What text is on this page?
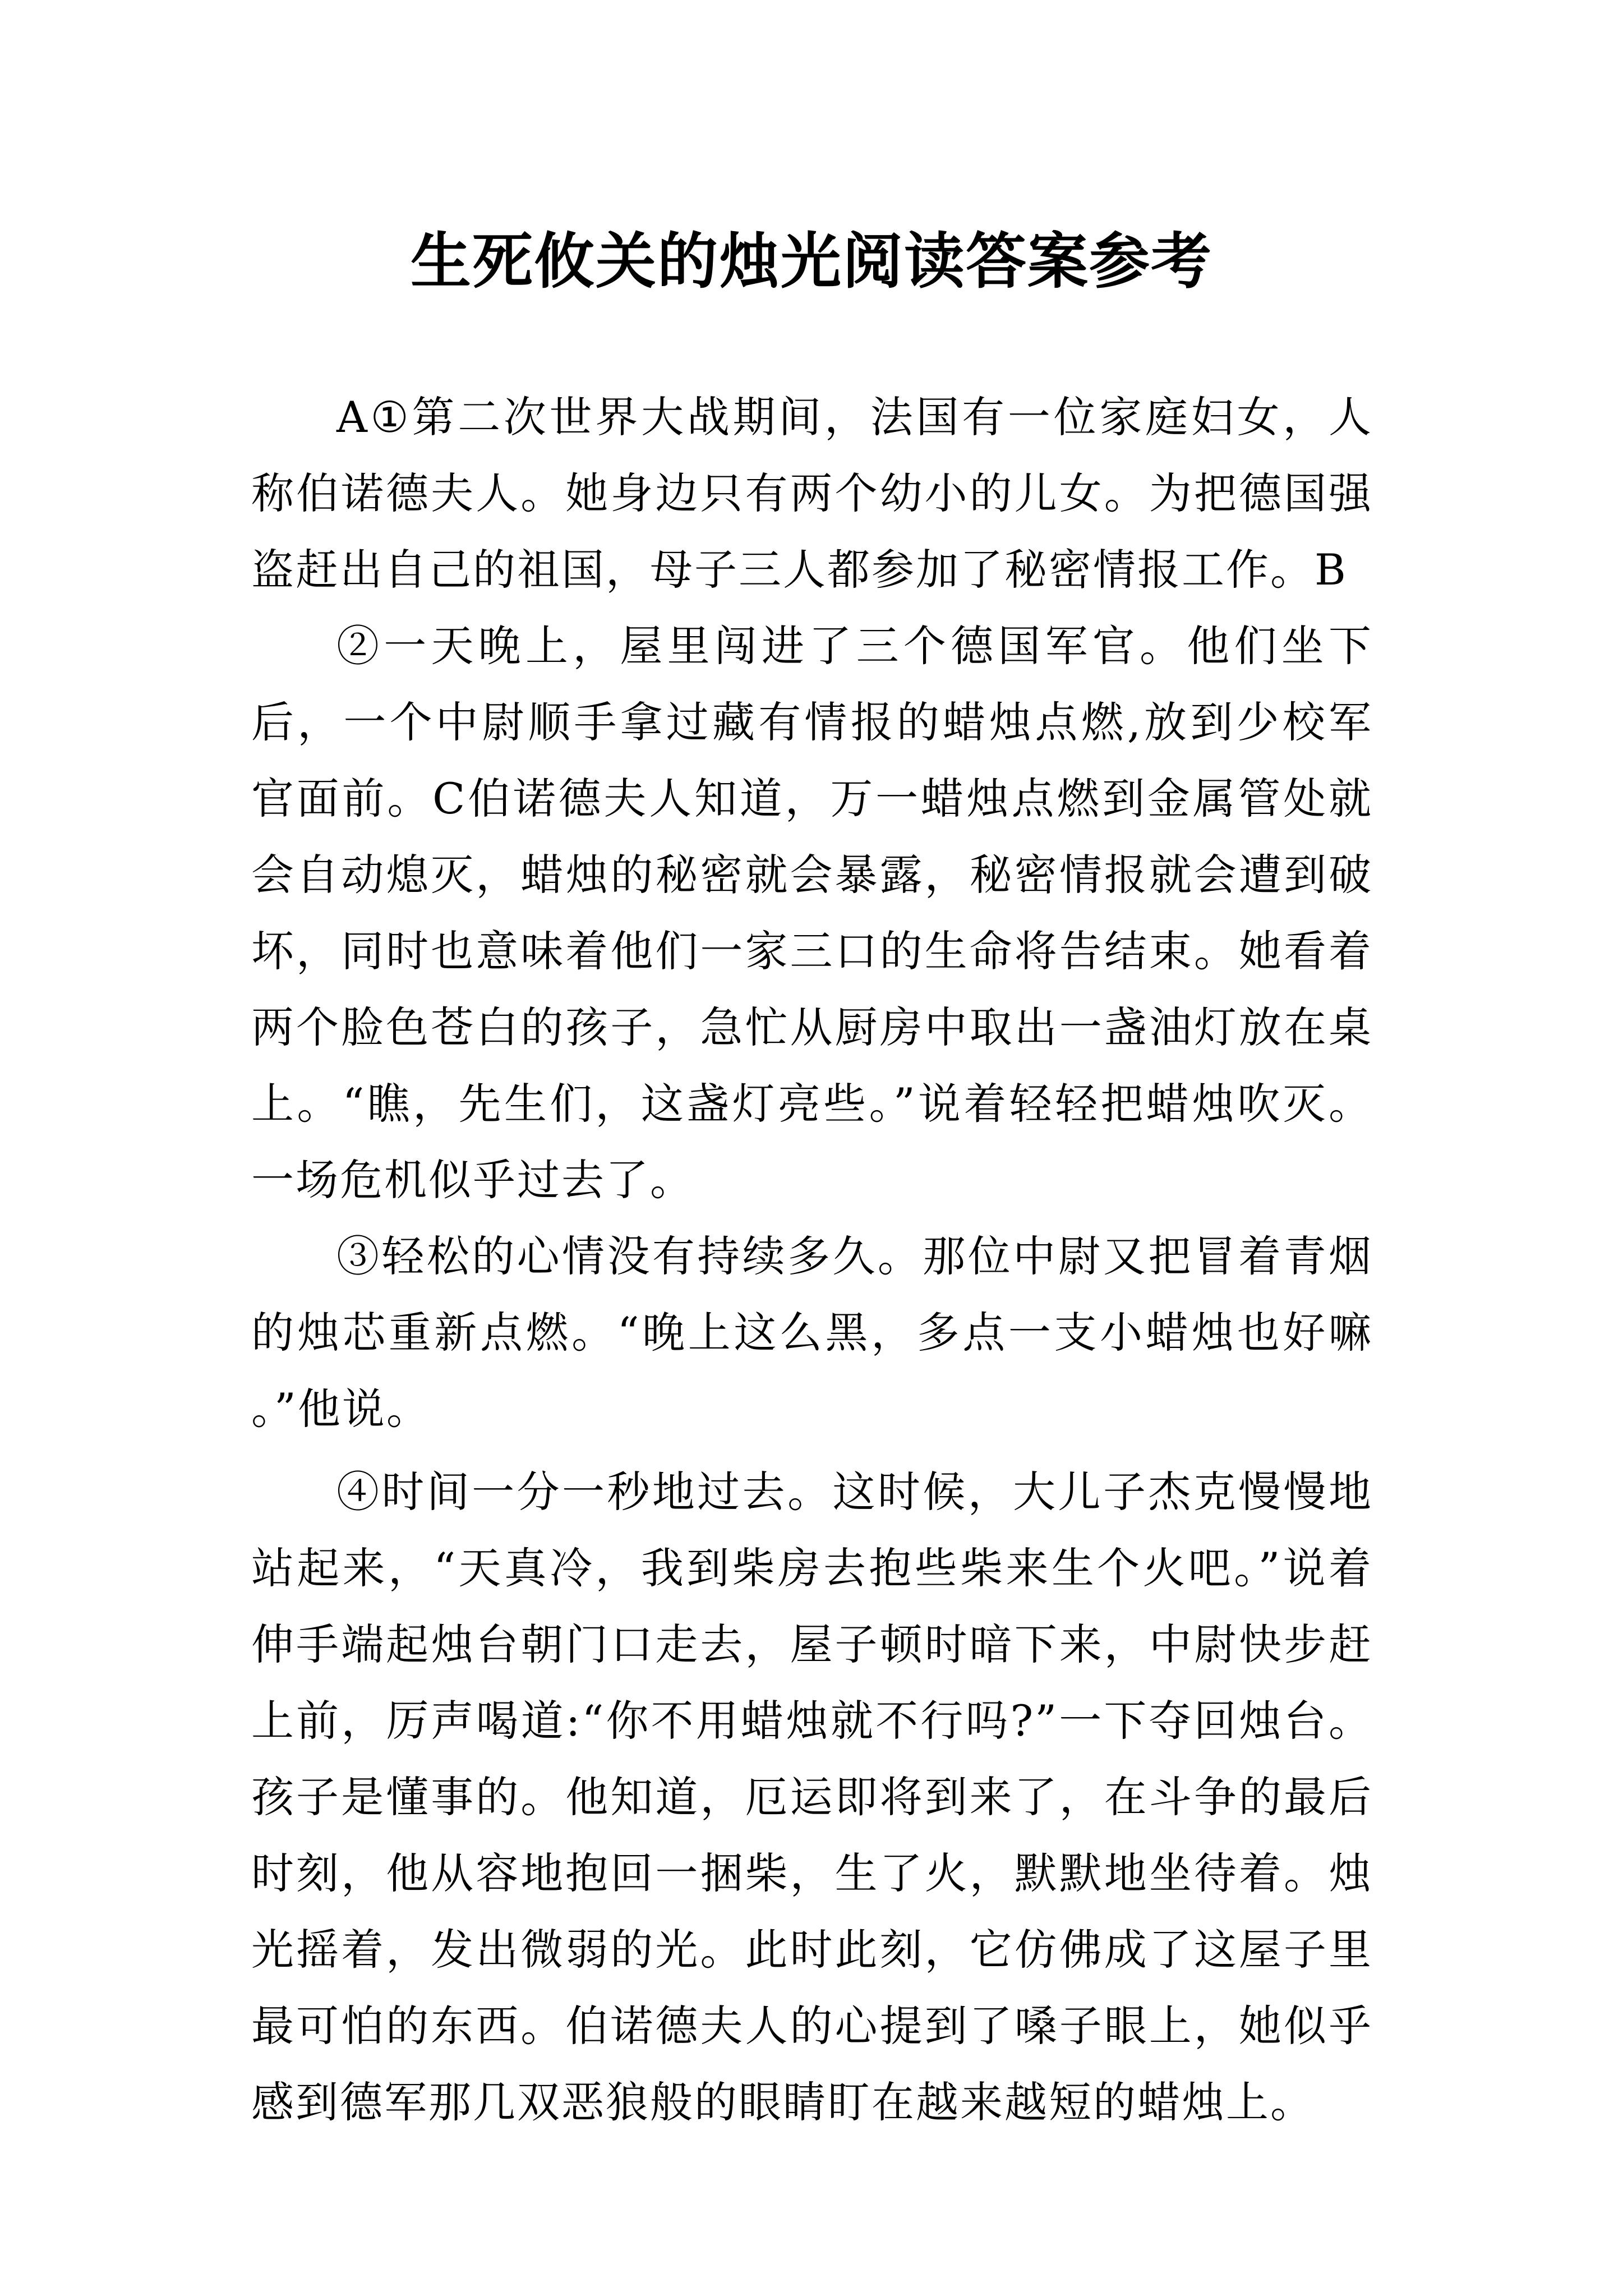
生死攸关的烛光阅读答案参考

A①第二次世界大战期间，法国有一位家庭妇女，人称伯诺德夫人。她身边只有两个幼小的儿女。为把德国强盗赶出自己的祖国，母子三人都参加了秘密情报工作。B

②一天晚上，屋里闯进了三个德国军官。他们坐下后，一个中尉顺手拿过藏有情报的蜡烛点燃,放到少校军官面前。C伯诺德夫人知道，万一蜡烛点燃到金属管处就会自动熄灭，蜡烛的秘密就会暴露，秘密情报就会遭到破坏，同时也意味着他们一家三口的生命将告结束。她看着两个脸色苍白的孩子，急忙从厨房中取出一盏油灯放在桌上。“瞧，先生们，这盏灯亮些。”说着轻轻把蜡烛吹灭。一场危机似乎过去了。

③轻松的心情没有持续多久。那位中尉又把冒着青烟的烛芯重新点燃。“晚上这么黑，多点一支小蜡烛也好嘛 。”他说。

④时间一分一秒地过去。这时候，大儿子杰克慢慢地站起来，“天真冷，我到柴房去抱些柴来生个火吧。”说着伸手端起烛台朝门口走去，屋子顿时暗下来，中尉快步赶上前，厉声喝道:“你不用蜡烛就不行吗?”一下夺回烛台。孩子是懂事的。他知道，厄运即将到来了，在斗争的最后时刻，他从容地抱回一捆柴，生了火，默默地坐待着。烛光摇着，发出微弱的光。此时此刻，它仿佛成了这屋子里最可怕的东西。伯诺德夫人的心提到了嗓子眼上，她似乎感到德军那几双恶狼般的眼睛盯在越来越短的蜡烛上。
